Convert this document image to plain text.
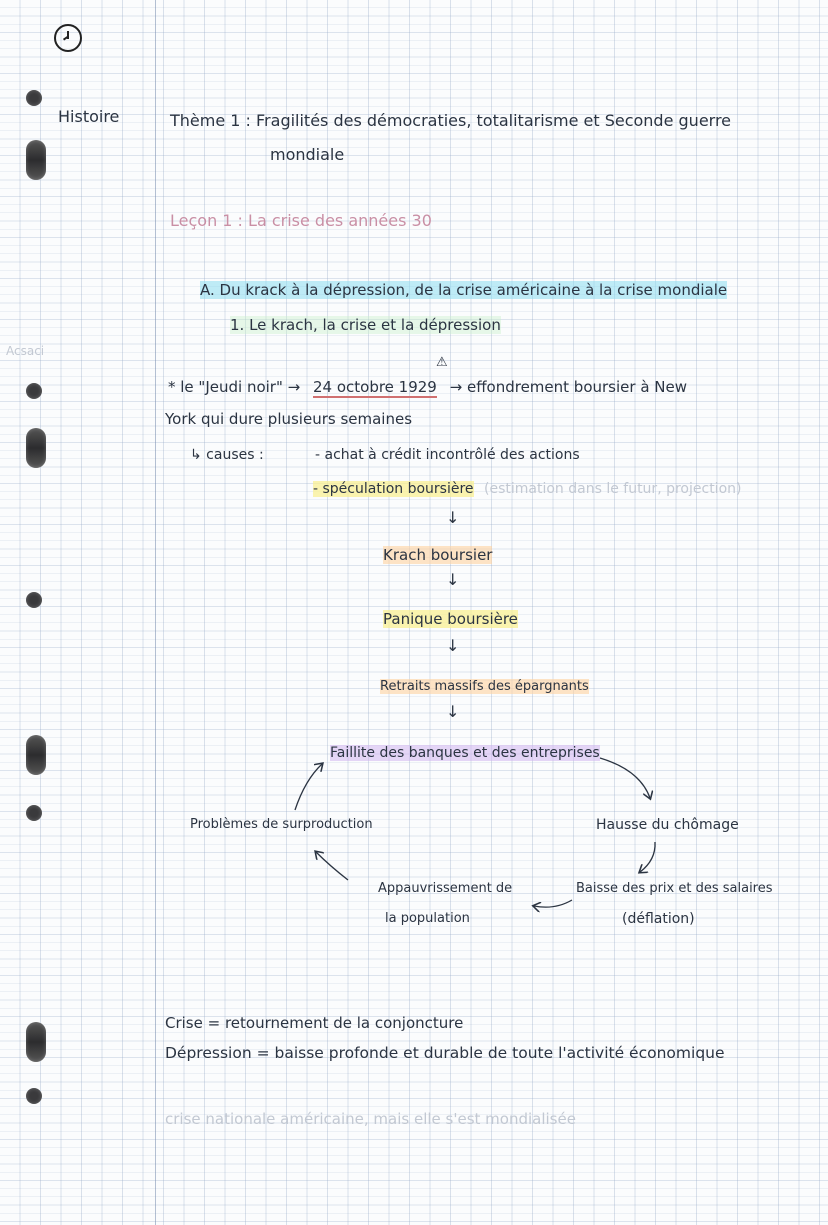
Histoire
Acsaci
Thème 1 : Fragilités des démocraties, totalitarisme et Seconde guerre
mondiale
Leçon 1 : La crise des années 30
A. Du krack à la dépression, de la crise américaine à la crise mondiale
1. Le krach, la crise et la dépression
⚠
* le "Jeudi noir" → 24 octobre 1929 → effondrement boursier à New
York qui dure plusieurs semaines
↳ causes :	- achat à crédit incontrôlé des actions
- spéculation boursière (estimation dans le futur, projection)
↓
Krach boursier
↓
Panique boursière
↓
Retraits massifs des épargnants
↓
Faillite des banques et des entreprises
Hausse du chômage
Baisse des prix et des salaires
(déflation)
Appauvrissement de
la population
Problèmes de surproduction
Crise = retournement de la conjoncture
Dépression = baisse profonde et durable de toute l'activité économique
crise nationale américaine, mais elle s'est mondialisée
